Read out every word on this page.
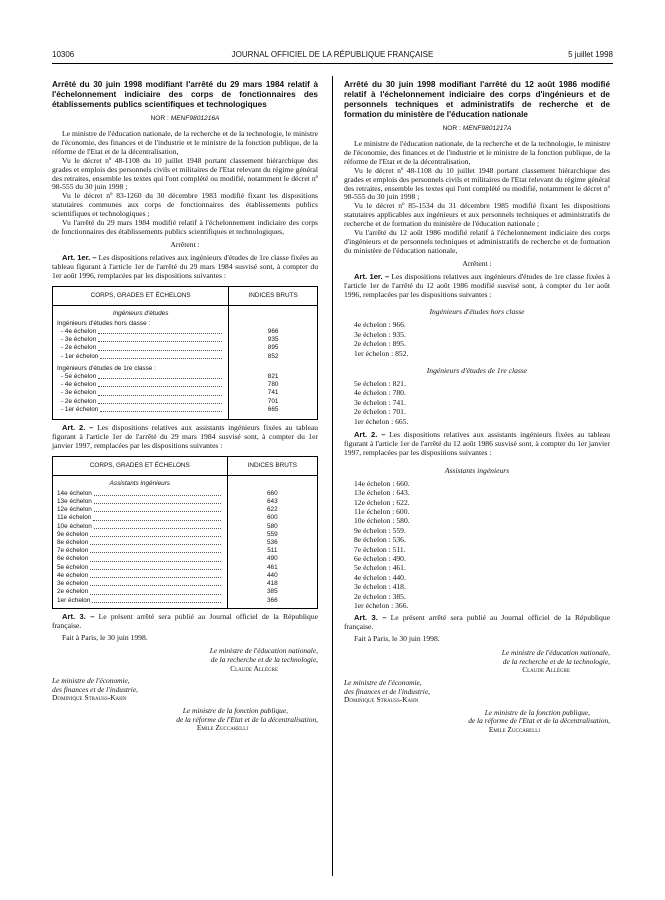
10306	JOURNAL OFFICIEL DE LA RÉPUBLIQUE FRANÇAISE	5 juillet 1998
Arrêté du 30 juin 1998 modifiant l'arrêté du 29 mars 1984 relatif à l'échelonnement indiciaire des corps de fonctionnaires des établissements publics scientifiques et technologiques
NOR : MENF9801216A

Le ministre de l'éducation nationale, de la recherche et de la technologie, le ministre de l'économie, des finances et de l'industrie et le ministre de la fonction publique, de la réforme de l'Etat et de la décentralisation,

Vu le décret nº 48-1108 du 10 juillet 1948 portant classement hiérarchique des grades et emplois des personnels civils et militaires de l'Etat relevant du régime général des retraites, ensemble les textes qui l'ont complété ou modifié, notamment le décret nº 98-555 du 30 juin 1998 ;

Vu le décret nº 83-1260 du 30 décembre 1983 modifié fixant les dispositions statutaires communes aux corps de fonctionnaires des établissements publics scientifiques et technologiques ;

Vu l'arrêté du 29 mars 1984 modifié relatif à l'échelonnement indiciaire des corps de fonctionnaires des établissements publics scientifiques et technologiques,

Arrêtent :

Art. 1er. – Les dispositions relatives aux ingénieurs d'études de 1re classe fixées au tableau figurant à l'article 1er de l'arrêté du 29 mars 1984 susvisé sont, à compter du 1er août 1996, remplacées par les dispositions suivantes :

CORPS, GRADES ET ÉCHELONS	INDICES BRUTS
Ingénieurs d'études	
Ingénieurs d'études hors classe :	

- 4e échelon	966

- 3e échelon	935

- 2e échelon	895

- 1er échelon	852
Ingénieurs d'études de 1re classe :	

- 5e échelon	821

- 4e échelon	780

- 3e échelon	741

- 2e échelon	701

- 1er échelon	665

Art. 2. – Les dispositions relatives aux assistants ingénieurs fixées au tableau figurant à l'article 1er de l'arrêté du 29 mars 1984 susvisé sont, à compter du 1er janvier 1997, remplacées par les dispositions suivantes :

CORPS, GRADES ET ÉCHELONS	INDICES BRUTS
Assistants ingénieurs	

14e échelon	660

13e échelon	643

12e échelon	622

11e échelon	600

10e échelon	580

9e échelon	559

8e échelon	536

7e échelon	511

6e échelon	490

5e échelon	461

4e échelon	440

3e échelon	418

2e échelon	385

1er échelon	366

Art. 3. – Le présent arrêté sera publié au Journal officiel de la République française.

Fait à Paris, le 30 juin 1998.

Le ministre de l'éducation nationale,
de la recherche et de la technologie,
Claude Allègre
Le ministre de l'économie,
des finances et de l'industrie,
Dominique Strauss-Kahn
Le ministre de la fonction publique,
de la réforme de l'Etat et de la décentralisation,
Emile Zuccarelli
Arrêté du 30 juin 1998 modifiant l'arrêté du 12 août 1986 modifié relatif à l'échelonnement indiciaire des corps d'ingénieurs et de personnels techniques et administratifs de recherche et de formation du ministère de l'éducation nationale
NOR : MENF9801217A

Le ministre de l'éducation nationale, de la recherche et de la technologie, le ministre de l'économie, des finances et de l'industrie et le ministre de la fonction publique, de la réforme de l'Etat et de la décentralisation,

Vu le décret nº 48-1108 du 10 juillet 1948 portant classement hiérarchique des grades et emplois des personnels civils et militaires de l'Etat relevant du régime général des retraites, ensemble les textes qui l'ont complété ou modifié, notamment le décret nº 98-555 du 30 juin 1998 ;

Vu le décret nº 85-1534 du 31 décembre 1985 modifié fixant les dispositions statutaires applicables aux ingénieurs et aux personnels techniques et administratifs de recherche et de formation du ministère de l'éducation nationale ;

Vu l'arrêté du 12 août 1986 modifié relatif à l'échelonnement indiciaire des corps d'ingénieurs et de personnels techniques et administratifs de recherche et de formation du ministère de l'éducation nationale,

Arrêtent :

Art. 1er. – Les dispositions relatives aux ingénieurs d'études de 1re classe fixées à l'article 1er de l'arrêté du 12 août 1986 modifié susvisé sont, à compter du 1er août 1996, remplacées par les dispositions suivantes :

Ingénieurs d'études hors classe
4e échelon : 966.
3e échelon : 935.
2e échelon : 895.
1er échelon : 852.
Ingénieurs d'études de 1re classe
5e échelon : 821.
4e échelon : 780.
3e échelon : 741.
2e échelon : 701.
1er échelon : 665.

Art. 2. – Les dispositions relatives aux assistants ingénieurs fixées au tableau figurant à l'article 1er de l'arrêté du 12 août 1986 susvisé sont, à compter du 1er janvier 1997, remplacées par les dispositions suivantes :

Assistants ingénieurs
14e échelon : 660.
13e échelon : 643.
12e échelon : 622.
11e échelon : 600.
10e échelon : 580.
9e échelon : 559.
8e échelon : 536.
7e échelon : 511.
6e échelon : 490.
5e échelon : 461.
4e échelon : 440.
3e échelon : 418.
2e échelon : 385.
1er échelon : 366.

Art. 3. – Le présent arrêté sera publié au Journal officiel de la République française.

Fait à Paris, le 30 juin 1998.

Le ministre de l'éducation nationale,
de la recherche et de la technologie,
Claude Allègre
Le ministre de l'économie,
des finances et de l'industrie,
Dominique Strauss-Kahn
Le ministre de la fonction publique,
de la réforme de l'Etat et de la décentralisation,
Emile Zuccarelli
